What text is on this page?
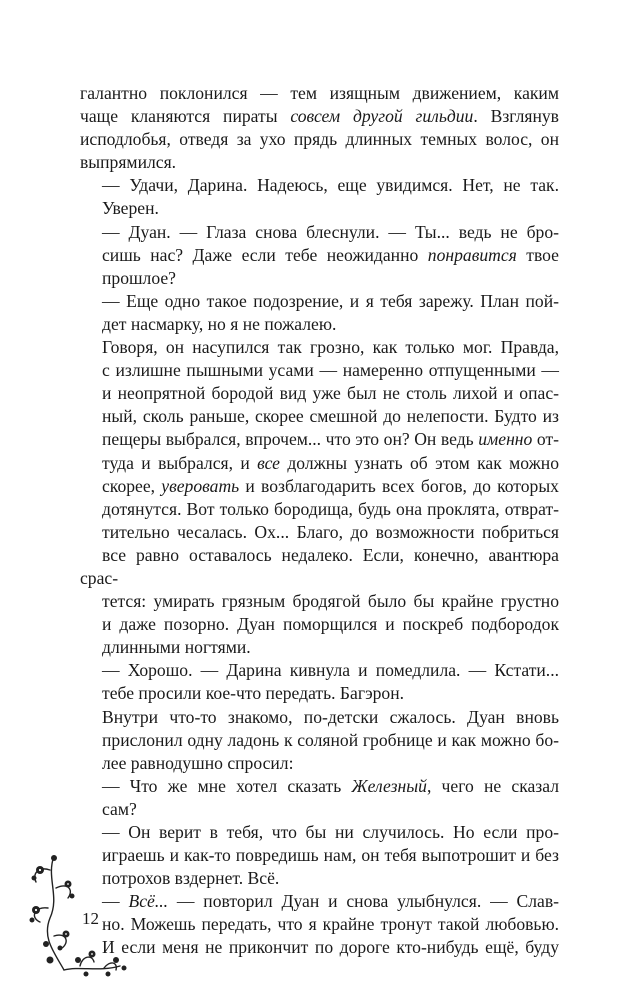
галантно поклонился — тем изящным движением, каким
чаще кланяются пираты совсем другой гильдии. Взглянув
исподлобья, отведя за ухо прядь длинных темных волос, он
выпрямился.

— Удачи, Дарина. Надеюсь, еще увидимся. Нет, не так.
Уверен.

— Дуан. — Глаза снова блеснули. — Ты... ведь не бро-
сишь нас? Даже если тебе неожиданно понравится твое
прошлое?

— Еще одно такое подозрение, и я тебя зарежу. План пой-
дет насмарку, но я не пожалею.

Говоря, он насупился так грозно, как только мог. Правда,
с излишне пышными усами — намеренно отпущенными —
и неопрятной бородой вид уже был не столь лихой и опас-
ный, сколь раньше, скорее смешной до нелепости. Будто из
пещеры выбрался, впрочем... что это он? Он ведь именно от-
туда и выбрался, и все должны узнать об этом как можно
скорее, уверовать и возблагодарить всех богов, до которых
дотянутся. Вот только бородища, будь она проклята, отврат-
тительно чесалась. Ох... Благо, до возможности побриться
все равно оставалось недалеко. Если, конечно, авантюра срас-
тется: умирать грязным бродягой было бы крайне грустно
и даже позорно. Дуан поморщился и поскреб подбородок
длинными ногтями.

— Хорошо. — Дарина кивнула и помедлила. — Кстати...
тебе просили кое-что передать. Багэрон.

Внутри что-то знакомо, по-детски сжалось. Дуан вновь
прислонил одну ладонь к соляной гробнице и как можно бо-
лее равнодушно спросил:

— Что же мне хотел сказать Железный, чего не сказал
сам?

— Он верит в тебя, что бы ни случилось. Но если про-
играешь и как-то повредишь нам, он тебя выпотрошит и без
потрохов вздернет. Всё.

— Всё... — повторил Дуан и снова улыбнулся. — Слав-
но. Можешь передать, что я крайне тронут такой любовью.
И если меня не прикончит по дороге кто-нибудь ещё, буду

12
